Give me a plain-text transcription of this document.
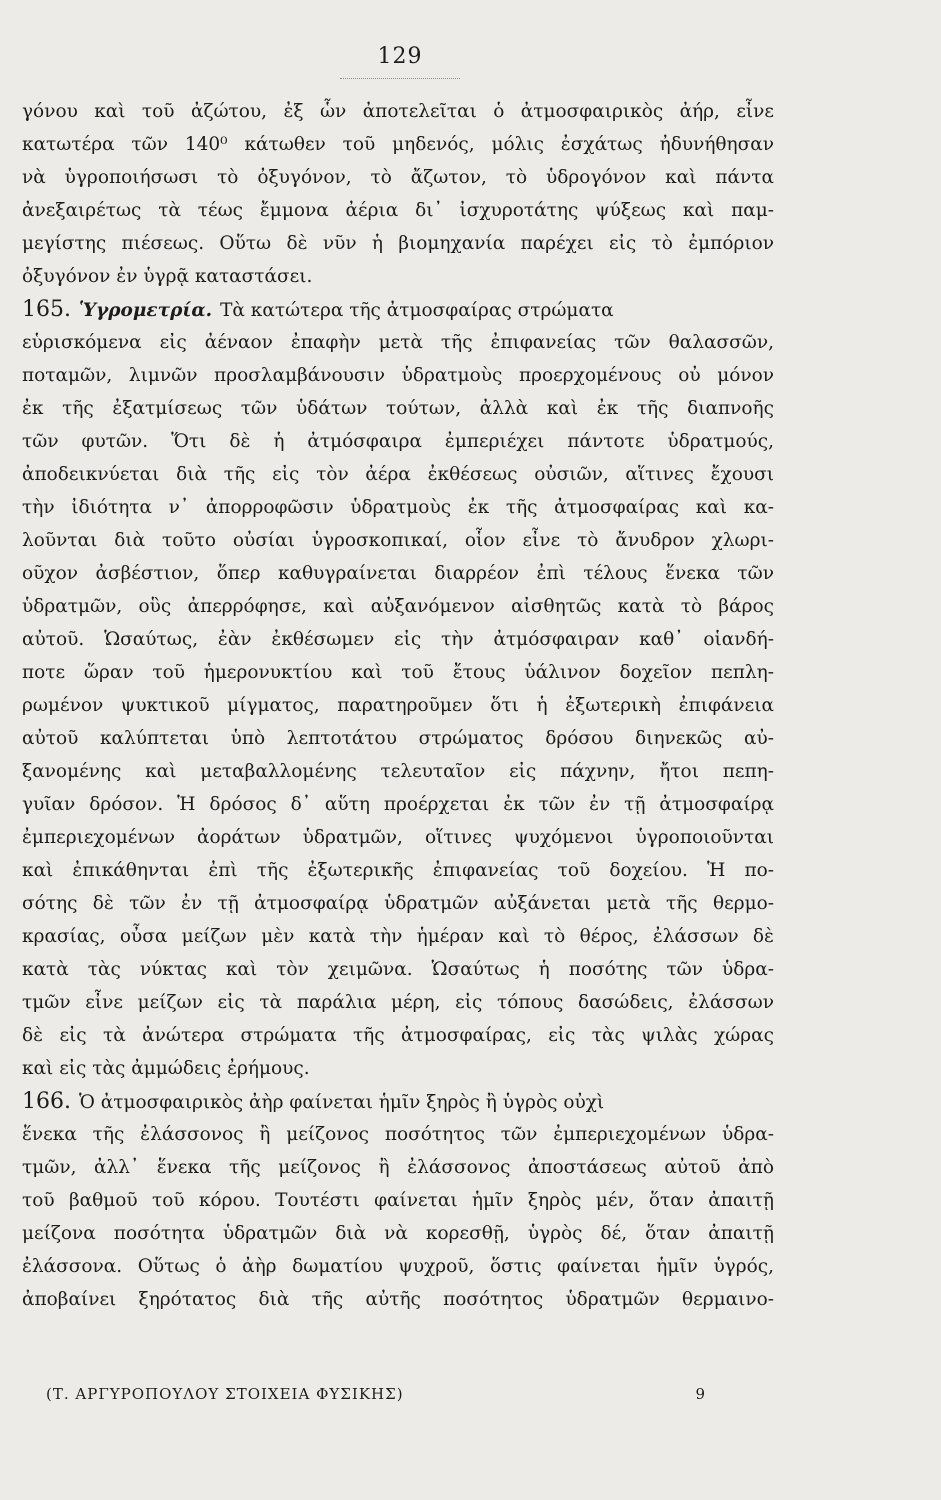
129
γόνου καὶ τοῦ ἀζώτου, ἐξ ὧν ἀποτελεῖται ὁ ἀτμοσφαιρικὸς ἀήρ, εἶνε
κατωτέρα τῶν 140⁰ κάτωθεν τοῦ μηδενός, μόλις ἐσχάτως ἠδυνήθησαν
νὰ ὑγροποιήσωσι τὸ ὀξυγόνον, τὸ ἄζωτον, τὸ ὑδρογόνον καὶ πάντα
ἀνεξαιρέτως τὰ τέως ἔμμονα ἀέρια δι᾽ ἰσχυροτάτης ψύξεως καὶ παμ-
μεγίστης πιέσεως. Οὕτω δὲ νῦν ἡ βιομηχανία παρέχει εἰς τὸ ἐμπόριον
ὀξυγόνον ἐν ὑγρᾷ καταστάσει.
165. Ὑγρομετρία. Τὰ κατώτερα τῆς ἀτμοσφαίρας στρώματα
εὑρισκόμενα εἰς ἀέναον ἐπαφὴν μετὰ τῆς ἐπιφανείας τῶν θαλασσῶν,
ποταμῶν, λιμνῶν προσλαμβάνουσιν ὑδρατμοὺς προερχομένους οὐ μόνον
ἐκ τῆς ἐξατμίσεως τῶν ὑδάτων τούτων, ἀλλὰ καὶ ἐκ τῆς διαπνοῆς
τῶν φυτῶν. Ὅτι δὲ ἡ ἀτμόσφαιρα ἐμπεριέχει πάντοτε ὑδρατμούς,
ἀποδεικνύεται διὰ τῆς εἰς τὸν ἀέρα ἐκθέσεως οὐσιῶν, αἵτινες ἔχουσι
τὴν ἰδιότητα ν᾽ ἀπορροφῶσιν ὑδρατμοὺς ἐκ τῆς ἀτμοσφαίρας καὶ κα-
λοῦνται διὰ τοῦτο οὐσίαι ὑγροσκοπικαί, οἷον εἶνε τὸ ἄνυδρον χλωρι-
οῦχον ἀσβέστιον, ὅπερ καθυγραίνεται διαρρέον ἐπὶ τέλους ἕνεκα τῶν
ὑδρατμῶν, οὓς ἀπερρόφησε, καὶ αὐξανόμενον αἰσθητῶς κατὰ τὸ βάρος
αὐτοῦ. Ὡσαύτως, ἐὰν ἐκθέσωμεν εἰς τὴν ἀτμόσφαιραν καθ᾽ οἱανδή-
ποτε ὥραν τοῦ ἡμερονυκτίου καὶ τοῦ ἔτους ὑάλινον δοχεῖον πεπλη-
ρωμένον ψυκτικοῦ μίγματος, παρατηροῦμεν ὅτι ἡ ἐξωτερικὴ ἐπιφάνεια
αὐτοῦ καλύπτεται ὑπὸ λεπτοτάτου στρώματος δρόσου διηνεκῶς αὐ-
ξανομένης καὶ μεταβαλλομένης τελευταῖον εἰς πάχνην, ἤτοι πεπη-
γυῖαν δρόσον. Ἡ δρόσος δ᾽ αὕτη προέρχεται ἐκ τῶν ἐν τῇ ἀτμοσφαίρᾳ
ἐμπεριεχομένων ἀοράτων ὑδρατμῶν, οἵτινες ψυχόμενοι ὑγροποιοῦνται
καὶ ἐπικάθηνται ἐπὶ τῆς ἐξωτερικῆς ἐπιφανείας τοῦ δοχείου. Ἡ πο-
σότης δὲ τῶν ἐν τῇ ἀτμοσφαίρᾳ ὑδρατμῶν αὐξάνεται μετὰ τῆς θερμο-
κρασίας, οὖσα μείζων μὲν κατὰ τὴν ἡμέραν καὶ τὸ θέρος, ἐλάσσων δὲ
κατὰ τὰς νύκτας καὶ τὸν χειμῶνα. Ὡσαύτως ἡ ποσότης τῶν ὑδρα-
τμῶν εἶνε μείζων εἰς τὰ παράλια μέρη, εἰς τόπους δασώδεις, ἐλάσσων
δὲ εἰς τὰ ἀνώτερα στρώματα τῆς ἀτμοσφαίρας, εἰς τὰς ψιλὰς χώρας
καὶ εἰς τὰς ἀμμώδεις ἐρήμους.
166. Ὁ ἀτμοσφαιρικὸς ἀὴρ φαίνεται ἡμῖν ξηρὸς ἢ ὑγρὸς οὐχὶ
ἕνεκα τῆς ἐλάσσονος ἢ μείζονος ποσότητος τῶν ἐμπεριεχομένων ὑδρα-
τμῶν, ἀλλ᾽ ἕνεκα τῆς μείζονος ἢ ἐλάσσονος ἀποστάσεως αὐτοῦ ἀπὸ
τοῦ βαθμοῦ τοῦ κόρου. Τουτέστι φαίνεται ἡμῖν ξηρὸς μέν, ὅταν ἀπαιτῇ
μείζονα ποσότητα ὑδρατμῶν διὰ νὰ κορεσθῇ, ὑγρὸς δέ, ὅταν ἀπαιτῇ
ἐλάσσονα. Οὕτως ὁ ἀὴρ δωματίου ψυχροῦ, ὅστις φαίνεται ἡμῖν ὑγρός,
ἀποβαίνει ξηρότατος διὰ τῆς αὐτῆς ποσότητος ὑδρατμῶν θερμαινο-
(Τ. ΑΡΓΥΡΟΠΟΥΛΟΥ ΣΤΟΙΧΕΙΑ ΦΥΣΙΚΗΣ)	9
